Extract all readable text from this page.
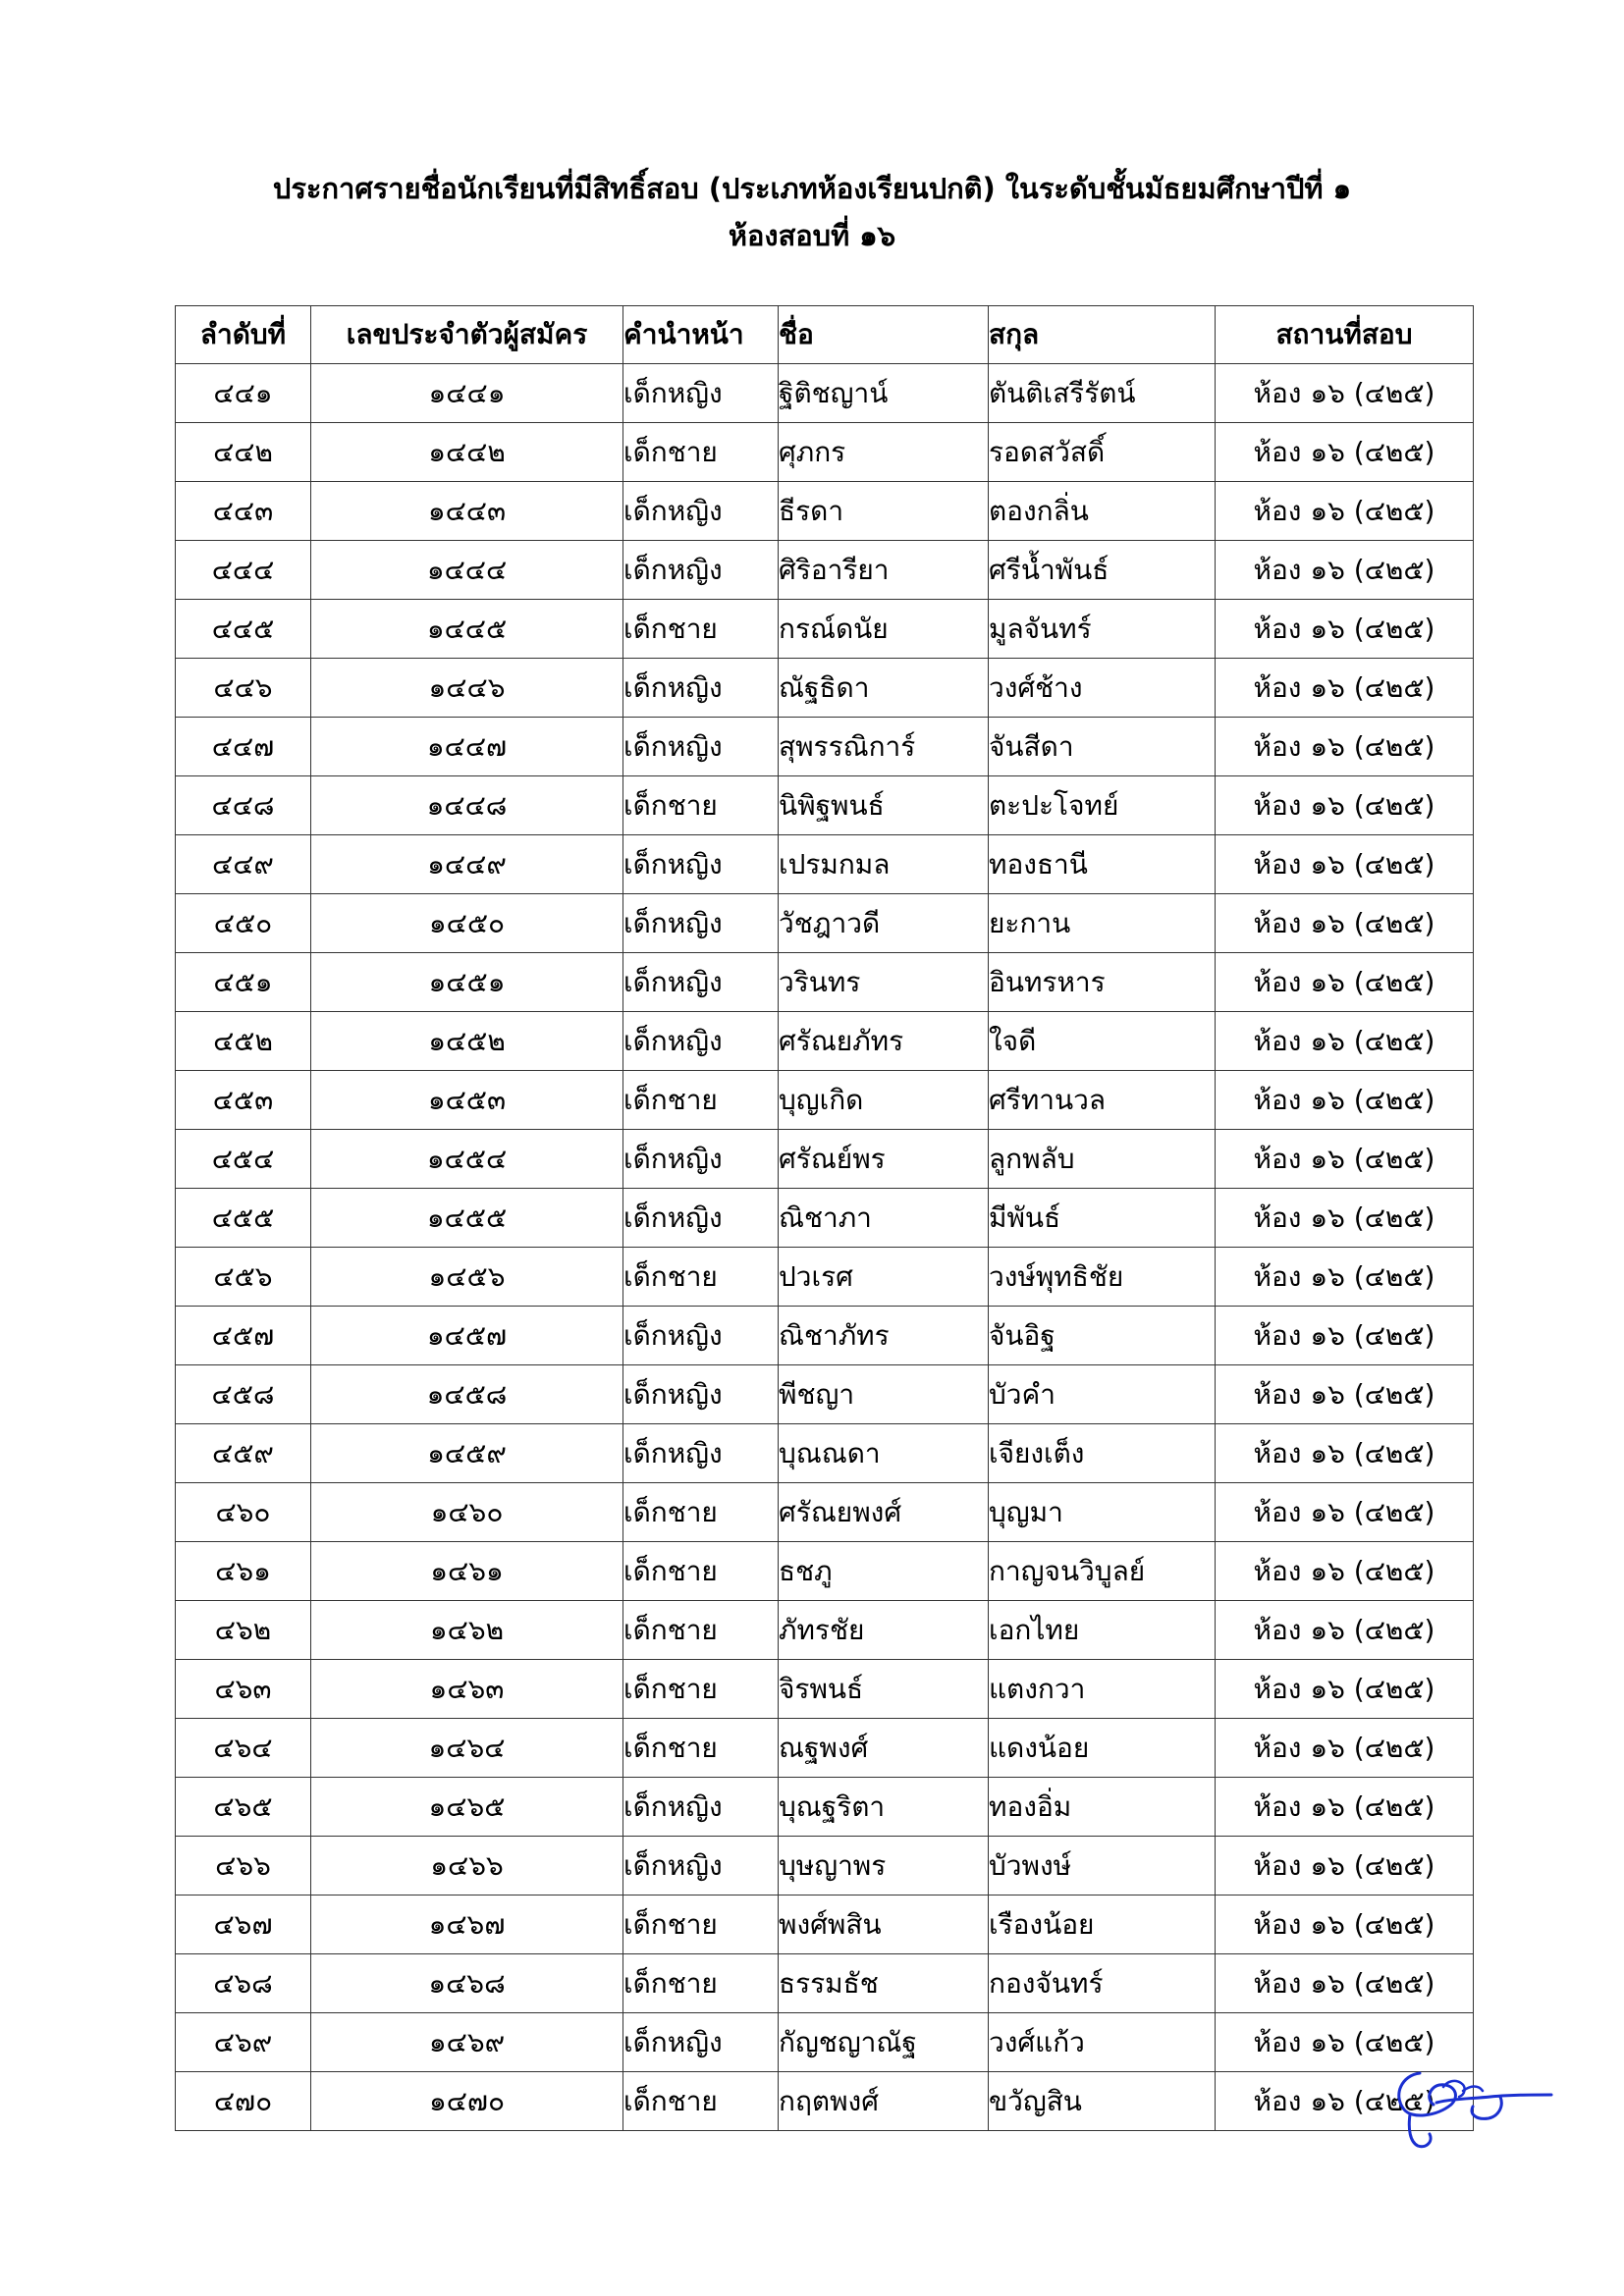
ประกาศรายชื่อนักเรียนที่มีสิทธิ์สอบ (ประเภทห้องเรียนปกติ) ในระดับชั้นมัธยมศึกษาปีที่ ๑
ห้องสอบที่ ๑๖
ลำดับที่	เลขประจำตัวผู้สมัคร	คำนำหน้า	ชื่อ	สกุล	สถานที่สอบ
๔๔๑	๑๔๔๑	เด็กหญิง	ฐิติชญาน์	ตันติเสรีรัตน์	ห้อง ๑๖ (๔๒๕)
๔๔๒	๑๔๔๒	เด็กชาย	ศุภกร	รอดสวัสดิ์	ห้อง ๑๖ (๔๒๕)
๔๔๓	๑๔๔๓	เด็กหญิง	ธีรดา	ตองกลิ่น	ห้อง ๑๖ (๔๒๕)
๔๔๔	๑๔๔๔	เด็กหญิง	ศิริอารียา	ศรีน้ำพันธ์	ห้อง ๑๖ (๔๒๕)
๔๔๕	๑๔๔๕	เด็กชาย	กรณ์ดนัย	มูลจันทร์	ห้อง ๑๖ (๔๒๕)
๔๔๖	๑๔๔๖	เด็กหญิง	ณัฐธิดา	วงศ์ช้าง	ห้อง ๑๖ (๔๒๕)
๔๔๗	๑๔๔๗	เด็กหญิง	สุพรรณิการ์	จันสีดา	ห้อง ๑๖ (๔๒๕)
๔๔๘	๑๔๔๘	เด็กชาย	นิพิฐพนธ์	ตะปะโจทย์	ห้อง ๑๖ (๔๒๕)
๔๔๙	๑๔๔๙	เด็กหญิง	เปรมกมล	ทองธานี	ห้อง ๑๖ (๔๒๕)
๔๕๐	๑๔๕๐	เด็กหญิง	วัชฎาวดี	ยะกาน	ห้อง ๑๖ (๔๒๕)
๔๕๑	๑๔๕๑	เด็กหญิง	วรินทร	อินทรหาร	ห้อง ๑๖ (๔๒๕)
๔๕๒	๑๔๕๒	เด็กหญิง	ศรัณยภัทร	ใจดี	ห้อง ๑๖ (๔๒๕)
๔๕๓	๑๔๕๓	เด็กชาย	บุญเกิด	ศรีทานวล	ห้อง ๑๖ (๔๒๕)
๔๕๔	๑๔๕๔	เด็กหญิง	ศรัณย์พร	ลูกพลับ	ห้อง ๑๖ (๔๒๕)
๔๕๕	๑๔๕๕	เด็กหญิง	ณิชาภา	มีพันธ์	ห้อง ๑๖ (๔๒๕)
๔๕๖	๑๔๕๖	เด็กชาย	ปวเรศ	วงษ์พุทธิชัย	ห้อง ๑๖ (๔๒๕)
๔๕๗	๑๔๕๗	เด็กหญิง	ณิชาภัทร	จันอิฐ	ห้อง ๑๖ (๔๒๕)
๔๕๘	๑๔๕๘	เด็กหญิง	พีชญา	บัวคำ	ห้อง ๑๖ (๔๒๕)
๔๕๙	๑๔๕๙	เด็กหญิง	บุณณดา	เจียงเต็ง	ห้อง ๑๖ (๔๒๕)
๔๖๐	๑๔๖๐	เด็กชาย	ศรัณยพงศ์	บุญมา	ห้อง ๑๖ (๔๒๕)
๔๖๑	๑๔๖๑	เด็กชาย	ธชภู	กาญจนวิบูลย์	ห้อง ๑๖ (๔๒๕)
๔๖๒	๑๔๖๒	เด็กชาย	ภัทรชัย	เอกไทย	ห้อง ๑๖ (๔๒๕)
๔๖๓	๑๔๖๓	เด็กชาย	จิรพนธ์	แตงกวา	ห้อง ๑๖ (๔๒๕)
๔๖๔	๑๔๖๔	เด็กชาย	ณฐพงศ์	แดงน้อย	ห้อง ๑๖ (๔๒๕)
๔๖๕	๑๔๖๕	เด็กหญิง	บุณฐริตา	ทองอิ่ม	ห้อง ๑๖ (๔๒๕)
๔๖๖	๑๔๖๖	เด็กหญิง	บุษญาพร	บัวพงษ์	ห้อง ๑๖ (๔๒๕)
๔๖๗	๑๔๖๗	เด็กชาย	พงศ์พสิน	เรืองน้อย	ห้อง ๑๖ (๔๒๕)
๔๖๘	๑๔๖๘	เด็กชาย	ธรรมธัช	กองจันทร์	ห้อง ๑๖ (๔๒๕)
๔๖๙	๑๔๖๙	เด็กหญิง	กัญชญาณัฐ	วงศ์แก้ว	ห้อง ๑๖ (๔๒๕)
๔๗๐	๑๔๗๐	เด็กชาย	กฤตพงศ์	ขวัญสิน	ห้อง ๑๖ (๔๒๕)
